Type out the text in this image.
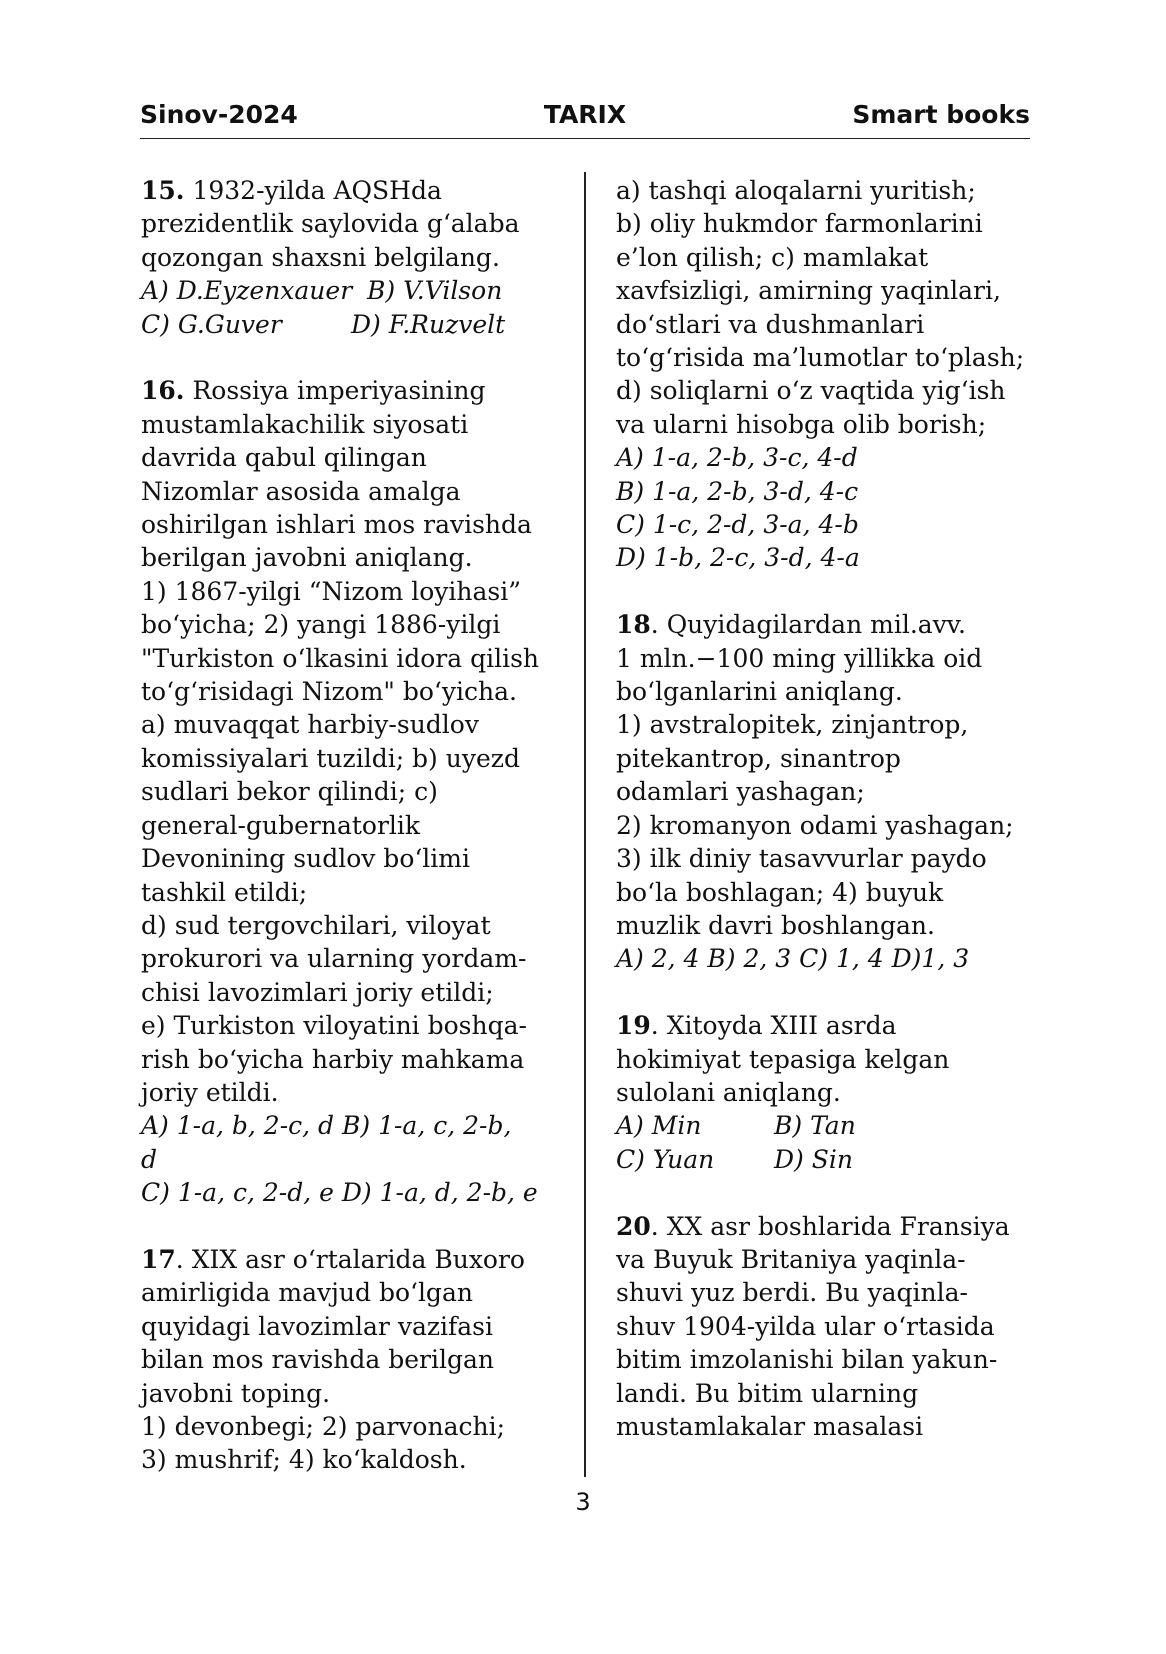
Sinov-2024	TARIX	Smart books
15. 1932-yilda AQSHda
prezidentlik saylovida g‘alaba
qozongan shaxsni belgilang.
A) D.Eyzenxauer B) V.Vilson
C) G.Guver	D) F.Ruzvelt
16. Rossiya imperiyasining
mustamlakachilik siyosati
davrida qabul qilingan
Nizomlar asosida amalga
oshirilgan ishlari mos ravishda
berilgan javobni aniqlang.
1) 1867-yilgi “Nizom loyihasi”
bo‘yicha; 2) yangi 1886-yilgi
"Turkiston o‘lkasini idora qilish
to‘g‘risidagi Nizom" bo‘yicha.
a) muvaqqat harbiy-sudlov
komissiyalari tuzildi; b) uyezd
sudlari bekor qilindi; c)
general-gubernatorlik
Devonining sudlov bo‘limi
tashkil etildi;
d) sud tergovchilari, viloyat
prokurori va ularning yordam-
chisi lavozimlari joriy etildi;
e) Turkiston viloyatini boshqa-
rish bo‘yicha harbiy mahkama
joriy etildi.
A) 1-a, b, 2-c, d B) 1-a, c, 2-b,
d
C) 1-a, c, 2-d, e D) 1-a, d, 2-b, e
17. XIX asr o‘rtalarida Buxoro
amirligida mavjud bo‘lgan
quyidagi lavozimlar vazifasi
bilan mos ravishda berilgan
javobni toping.
1) devonbegi; 2) parvonachi;
3) mushrif; 4) ko‘kaldosh.
a) tashqi aloqalarni yuritish;
b) oliy hukmdor farmonlarini
e’lon qilish; c) mamlakat
xavfsizligi, amirning yaqinlari,
do‘stlari va dushmanlari
to‘g‘risida ma’lumotlar to‘plash;
d) soliqlarni o‘z vaqtida yig‘ish
va ularni hisobga olib borish;
A) 1-a, 2-b, 3-c, 4-d
B) 1-a, 2-b, 3-d, 4-c
C) 1-c, 2-d, 3-a, 4-b
D) 1-b, 2-c, 3-d, 4-a
18. Quyidagilardan mil.avv.
1 mln.−100 ming yillikka oid
bo‘lganlarini aniqlang.
1) avstralopitek, zinjantrop,
pitekantrop, sinantrop
odamlari yashagan;
2) kromanyon odami yashagan;
3) ilk diniy tasavvurlar paydo
bo‘la boshlagan; 4) buyuk
muzlik davri boshlangan.
A) 2, 4 B) 2, 3 C) 1, 4 D)1, 3
19. Xitoyda XIII asrda
hokimiyat tepasiga kelgan
sulolani aniqlang.
A) Min	B) Tan
C) Yuan D) Sin
20. XX asr boshlarida Fransiya
va Buyuk Britaniya yaqinla-
shuvi yuz berdi. Bu yaqinla-
shuv 1904-yilda ular o‘rtasida
bitim imzolanishi bilan yakun-
landi. Bu bitim ularning
mustamlakalar masalasi
3
